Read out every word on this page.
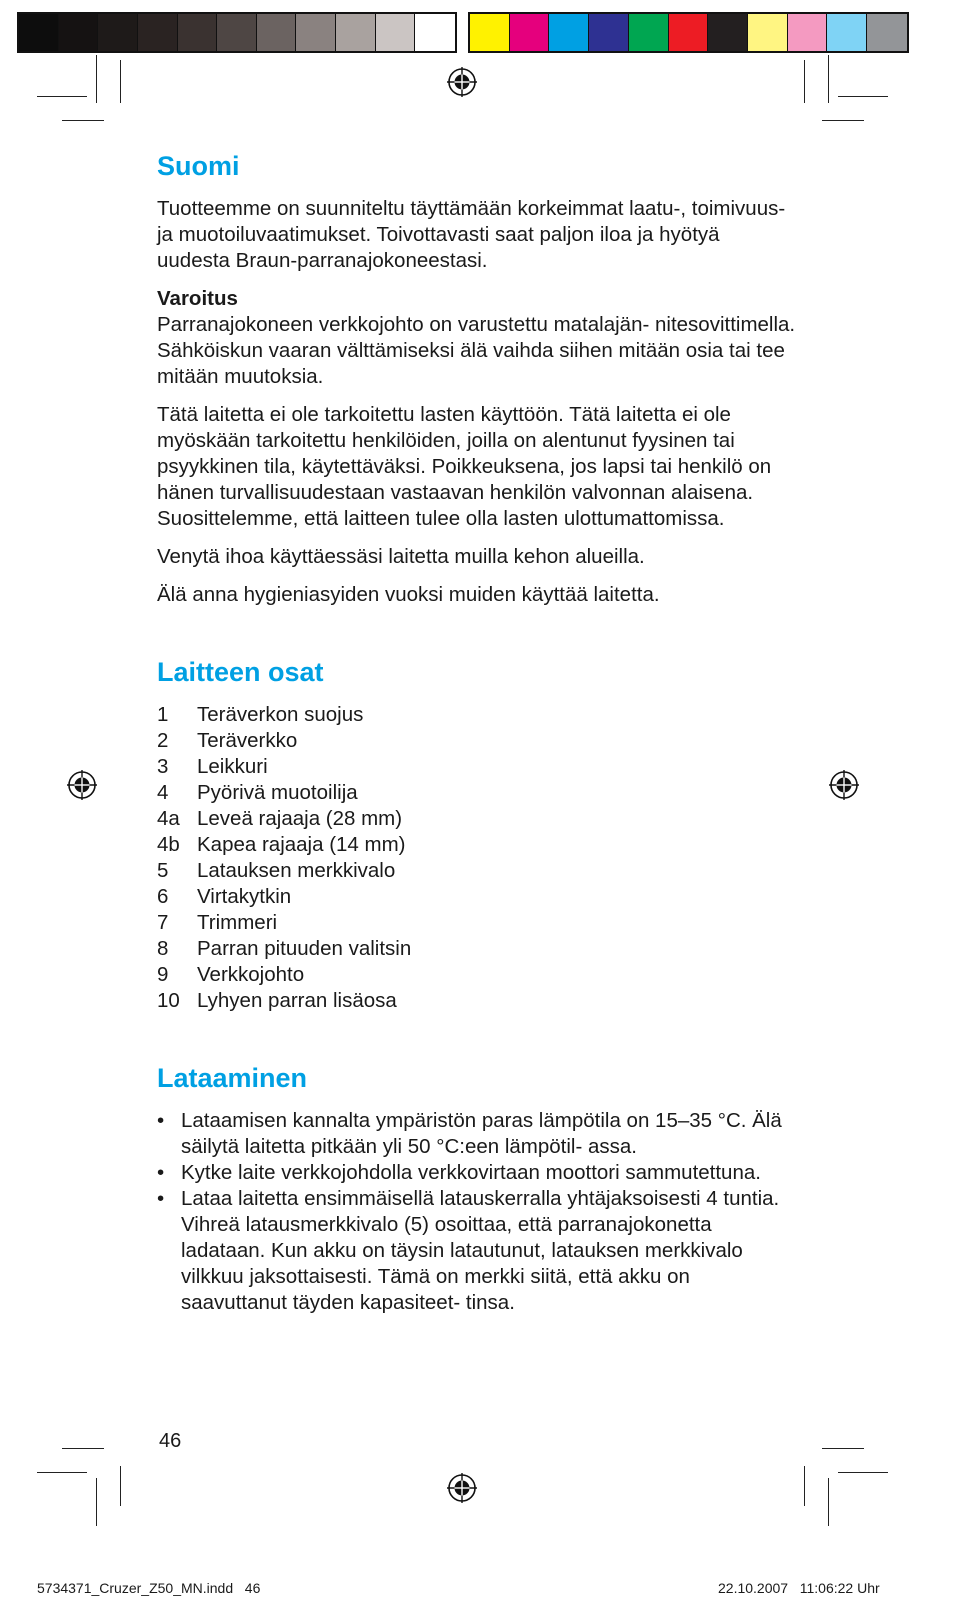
Suomi

Tuotteemme on suunniteltu täyttämään korkeimmat laatu-, toimivuus- ja muotoiluvaatimukset. Toivottavasti saat paljon iloa ja hyötyä uudesta Braun-parranajokoneestasi.

Varoitus

Parranajokoneen verkkojohto on varustettu matalajän- nitesovittimella. Sähköiskun vaaran välttämiseksi älä vaihda siihen mitään osia tai tee mitään muutoksia.

Tätä laitetta ei ole tarkoitettu lasten käyttöön. Tätä laitetta ei ole myöskään tarkoitettu henkilöiden, joilla on alentunut fyysinen tai psyykkinen tila, käytettäväksi. Poikkeuksena, jos lapsi tai henkilö on hänen turvallisuudestaan vastaavan henkilön valvonnan alaisena. Suosittelemme, että laitteen tulee olla lasten ulottumattomissa.

Venytä ihoa käyttäessäsi laitetta muilla kehon alueilla.

Älä anna hygieniasyiden vuoksi muiden käyttää laitetta.

Laitteen osat
1	Teräverkon suojus
2	Teräverkko
3	Leikkuri
4	Pyörivä muotoilija
4a Leveä rajaaja (28 mm)
4b Kapea rajaaja (14 mm)
5	Latauksen merkkivalo
6	Virtakytkin
7	Trimmeri
8	Parran pituuden valitsin
9	Verkkojohto
10 Lyhyen parran lisäosa
Lataaminen
• Lataamisen kannalta ympäristön paras lämpötila on 15–35 °C. Älä säilytä laitetta pitkään yli 50 °C:een lämpötil- assa.
• Kytke laite verkkojohdolla verkkovirtaan moottori sammutettuna.
• Lataa laitetta ensimmäisellä latauskerralla yhtäjaksoisesti 4 tuntia. Vihreä latausmerkkivalo (5) osoittaa, että parranajokonetta ladataan. Kun akku on täysin latautunut, latauksen merkkivalo vilkkuu jaksottaisesti. Tämä on merkki siitä, että akku on saavuttanut täyden kapasiteet- tinsa.
46
5734371_Cruzer_Z50_MN.indd   46	22.10.2007   11:06:22 Uhr
